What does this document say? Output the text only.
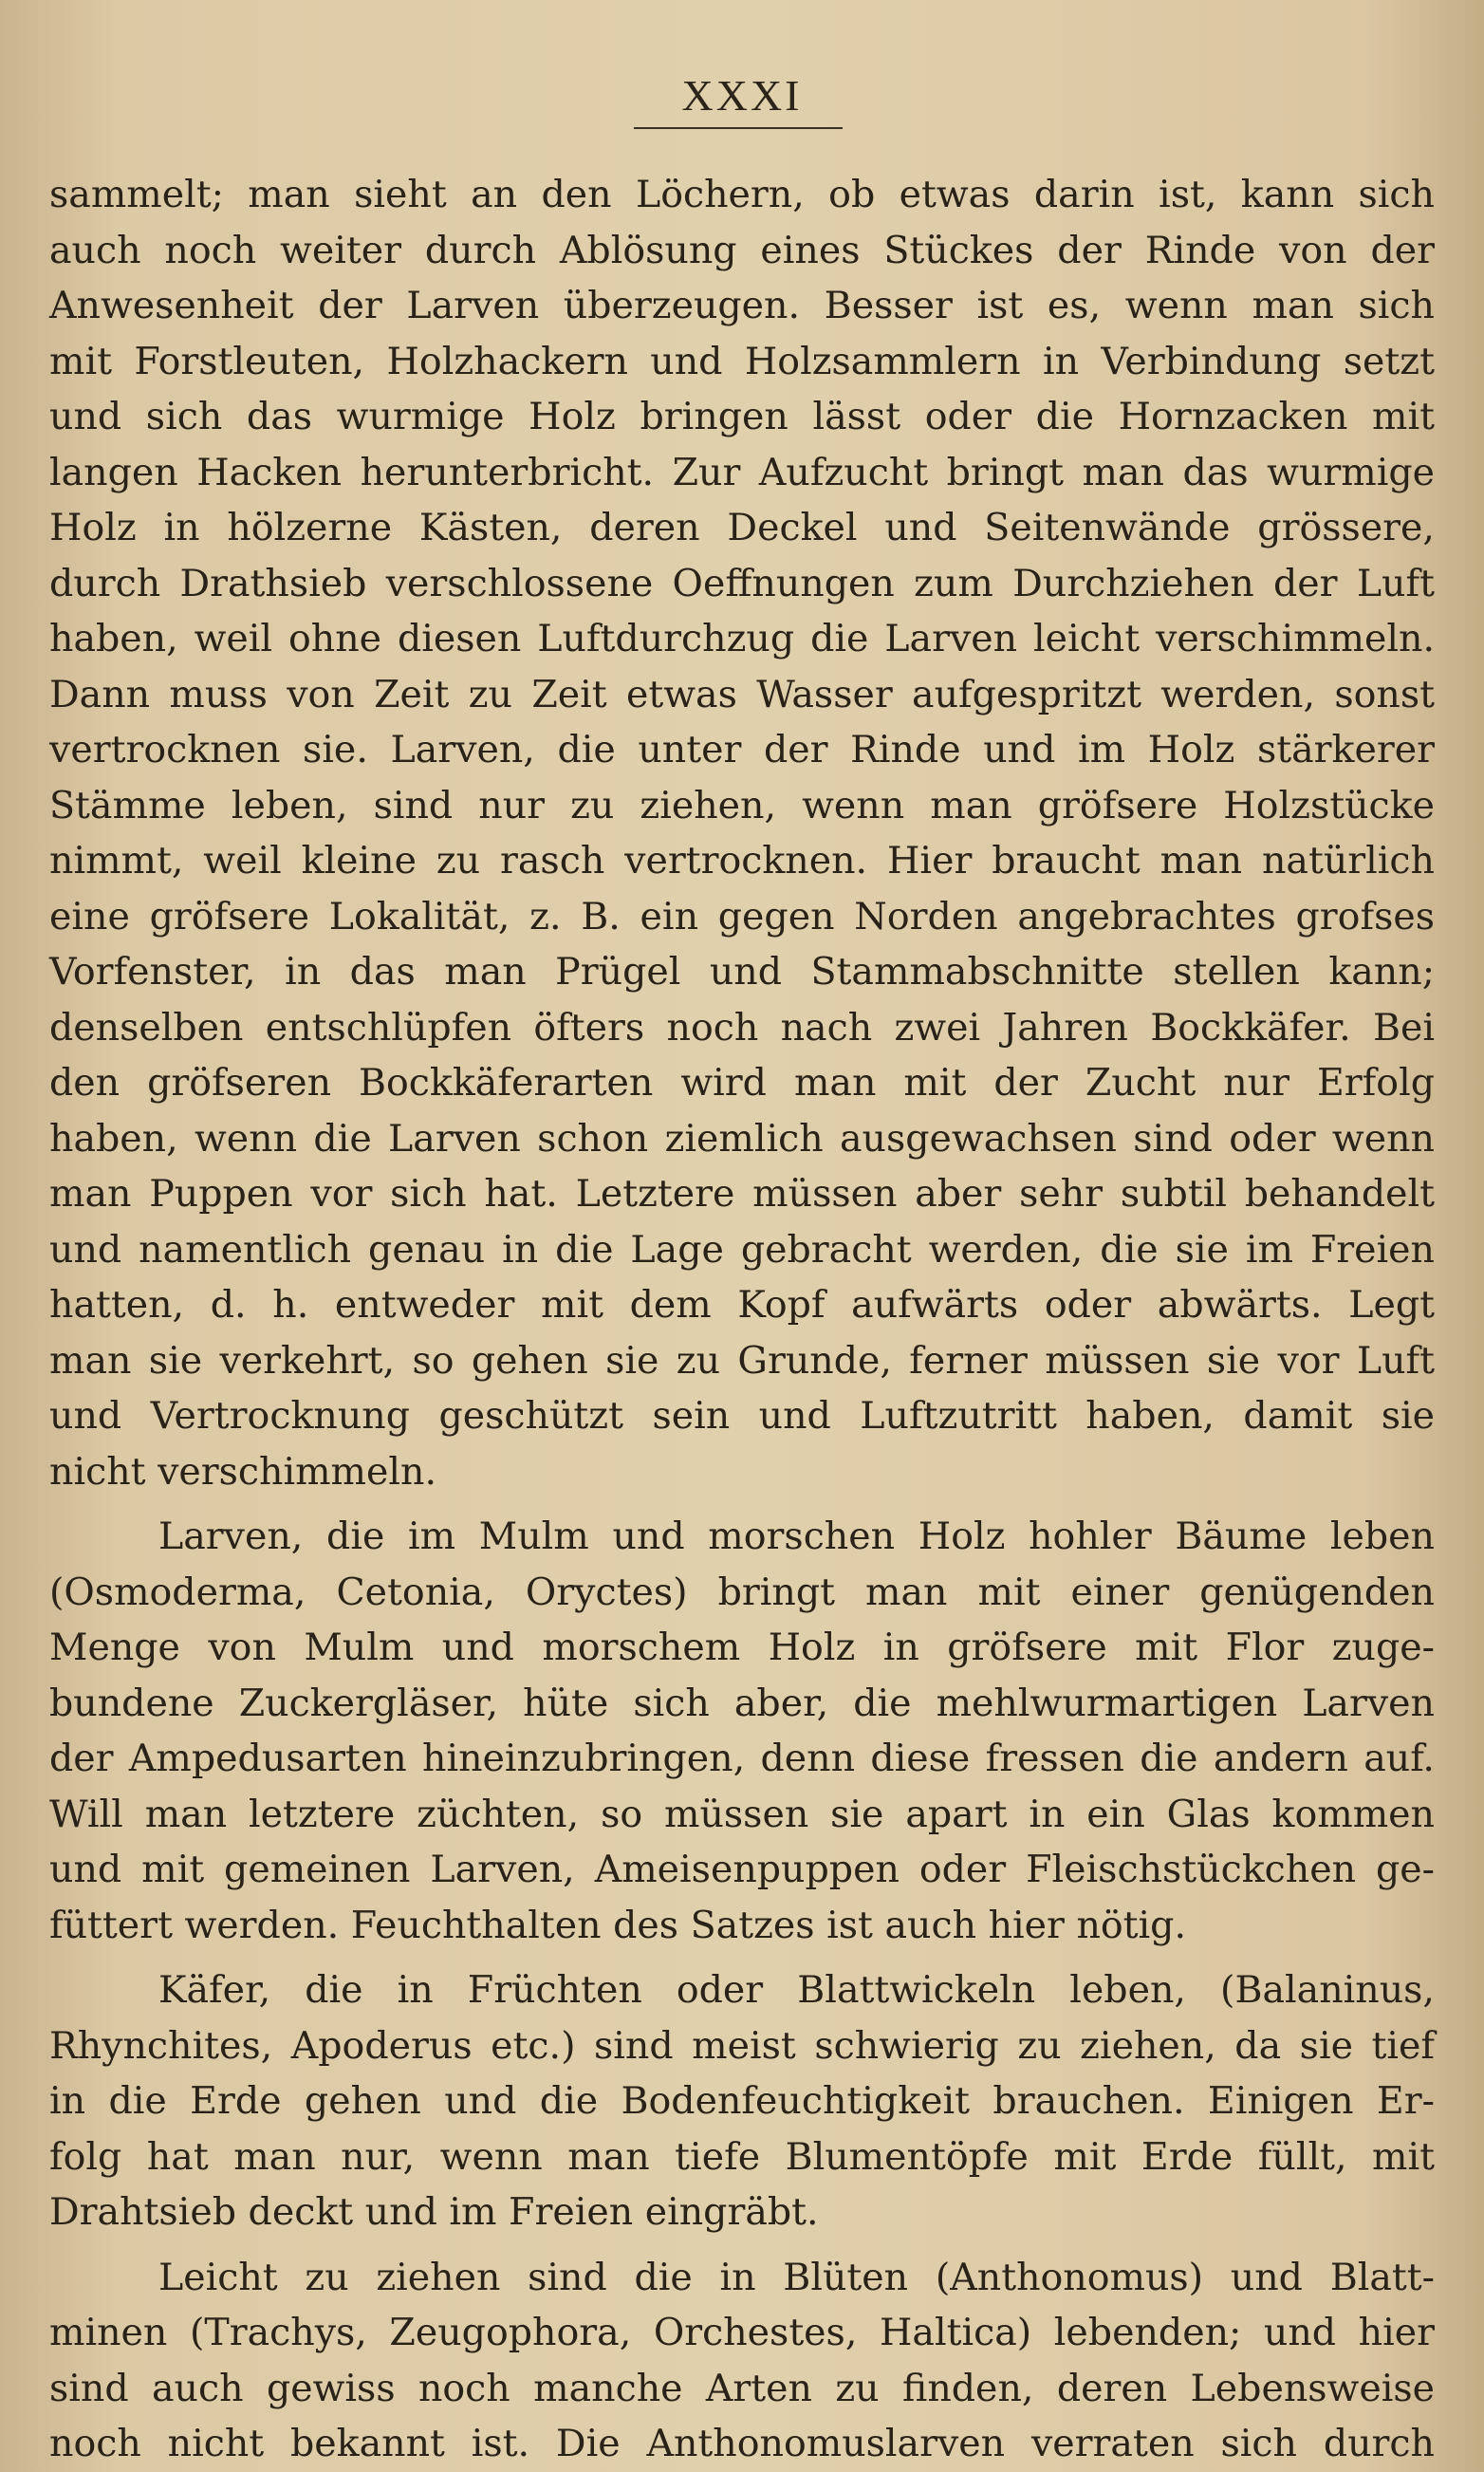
XXXI
sammelt; man sieht an den Löchern, ob etwas darin ist, kann sich
auch noch weiter durch Ablösung eines Stückes der Rinde von der
Anwesenheit der Larven überzeugen. Besser ist es, wenn man sich
mit Forstleuten, Holzhackern und Holzsammlern in Verbindung setzt
und sich das wurmige Holz bringen lässt oder die Hornzacken mit
langen Hacken herunterbricht. Zur Aufzucht bringt man das wurmige
Holz in hölzerne Kästen, deren Deckel und Seitenwände grössere,
durch Drathsieb verschlossene Oeffnungen zum Durchziehen der Luft
haben, weil ohne diesen Luftdurchzug die Larven leicht verschimmeln.
Dann muss von Zeit zu Zeit etwas Wasser aufgespritzt werden, sonst
vertrocknen sie. Larven, die unter der Rinde und im Holz stärkerer
Stämme leben, sind nur zu ziehen, wenn man gröfsere Holzstücke
nimmt, weil kleine zu rasch vertrocknen. Hier braucht man natürlich
eine gröfsere Lokalität, z. B. ein gegen Norden angebrachtes grofses
Vorfenster, in das man Prügel und Stammabschnitte stellen kann;
denselben entschlüpfen öfters noch nach zwei Jahren Bockkäfer. Bei
den gröfseren Bockkäferarten wird man mit der Zucht nur Erfolg
haben, wenn die Larven schon ziemlich ausgewachsen sind oder wenn
man Puppen vor sich hat. Letztere müssen aber sehr subtil behandelt
und namentlich genau in die Lage gebracht werden, die sie im Freien
hatten, d. h. entweder mit dem Kopf aufwärts oder abwärts. Legt
man sie verkehrt, so gehen sie zu Grunde, ferner müssen sie vor Luft
und Vertrocknung geschützt sein und Luftzutritt haben, damit sie
nicht verschimmeln.
Larven, die im Mulm und morschen Holz hohler Bäume leben
(Osmoderma, Cetonia, Oryctes) bringt man mit einer genügenden
Menge von Mulm und morschem Holz in gröfsere mit Flor zuge-
bundene Zuckergläser, hüte sich aber, die mehlwurmartigen Larven
der Ampedusarten hineinzubringen, denn diese fressen die andern auf.
Will man letztere züchten, so müssen sie apart in ein Glas kommen
und mit gemeinen Larven, Ameisenpuppen oder Fleischstückchen ge-
füttert werden. Feuchthalten des Satzes ist auch hier nötig.
Käfer, die in Früchten oder Blattwickeln leben, (Balaninus,
Rhynchites, Apoderus etc.) sind meist schwierig zu ziehen, da sie tief
in die Erde gehen und die Bodenfeuchtigkeit brauchen. Einigen Er-
folg hat man nur, wenn man tiefe Blumentöpfe mit Erde füllt, mit
Drahtsieb deckt und im Freien eingräbt.
Leicht zu ziehen sind die in Blüten (Anthonomus) und Blatt-
minen (Trachys, Zeugophora, Orchestes, Haltica) lebenden; und hier
sind auch gewiss noch manche Arten zu finden, deren Lebensweise
noch nicht bekannt ist. Die Anthonomuslarven verraten sich durch
